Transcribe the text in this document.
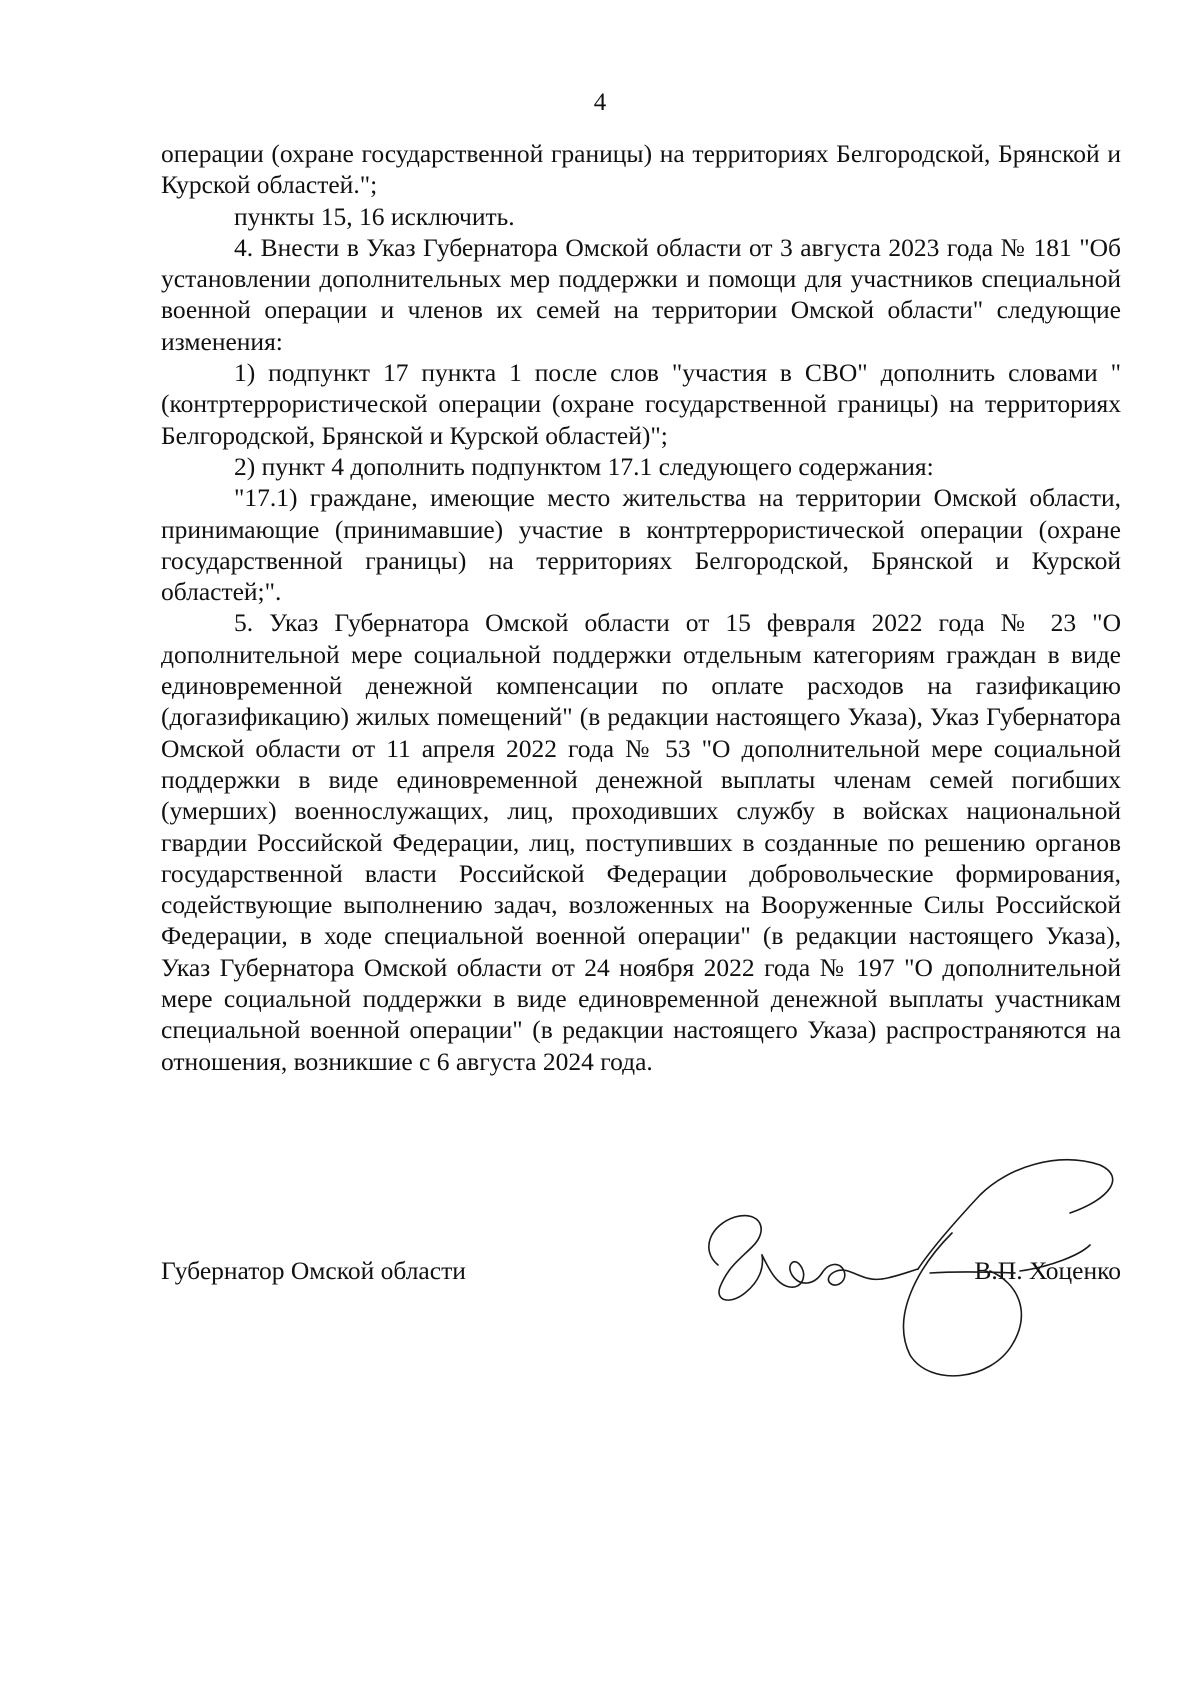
4

операции (охране государственной границы) на территориях Белгородской, Брянской и Курской областей.";

пункты 15, 16 исключить.

4. Внести в Указ Губернатора Омской области от 3 августа 2023 года № 181 "Об установлении дополнительных мер поддержки и помощи для участников специальной военной операции и членов их семей на территории Омской области" следующие изменения:

1) подпункт 17 пункта 1 после слов "участия в СВО" дополнить словами "(контртеррористической операции (охране государственной границы) на территориях Белгородской, Брянской и Курской областей)";

2) пункт 4 дополнить подпунктом 17.1 следующего содержания:

"17.1) граждане, имеющие место жительства на территории Омской области, принимающие (принимавшие) участие в контртеррористической операции (охране государственной границы) на территориях Белгородской, Брянской и Курской областей;".

5. Указ Губернатора Омской области от 15 февраля 2022 года № 23 "О дополнительной мере социальной поддержки отдельным категориям граждан в виде единовременной денежной компенсации по оплате расходов на газификацию (догазификацию) жилых помещений" (в редакции настоящего Указа), Указ Губернатора Омской области от 11 апреля 2022 года № 53 "О дополнительной мере социальной поддержки в виде единовременной денежной выплаты членам семей погибших (умерших) военнослужащих, лиц, проходивших службу в войсках национальной гвардии Российской Федерации, лиц, поступивших в созданные по решению органов государственной власти Российской Федерации добровольческие формирования, содействующие выполнению задач, возложенных на Вооруженные Силы Российской Федерации, в ходе специальной военной операции" (в редакции настоящего Указа), Указ Губернатора Омской области от 24 ноября 2022 года № 197 "О дополнительной мере социальной поддержки в виде единовременной денежной выплаты участникам специальной военной операции" (в редакции настоящего Указа) распространяются на отношения, возникшие с 6 августа 2024 года.

Губернатор Омской области	В.П. Хоценко
